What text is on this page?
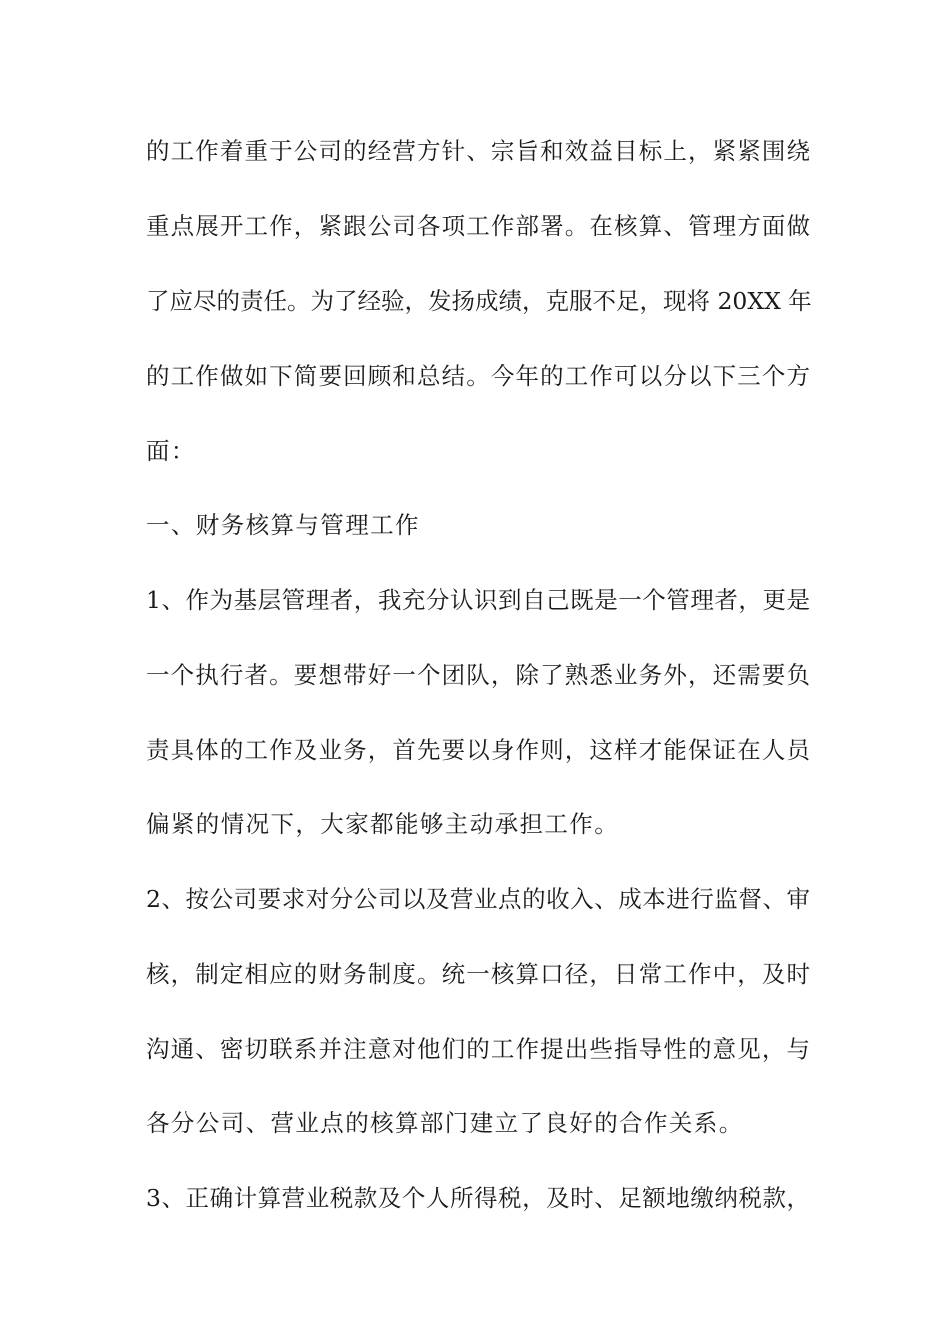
的工作着重于公司的经营方针、宗旨和效益目标上，紧紧围绕
重点展开工作，紧跟公司各项工作部署。在核算、管理方面做
了应尽的责任。为了经验，发扬成绩，克服不足，现将 20XX 年
的工作做如下简要回顾和总结。今年的工作可以分以下三个方
面：
一、财务核算与管理工作
1、作为基层管理者，我充分认识到自己既是一个管理者，更是
一个执行者。要想带好一个团队，除了熟悉业务外，还需要负
责具体的工作及业务，首先要以身作则，这样才能保证在人员
偏紧的情况下，大家都能够主动承担工作。
2、按公司要求对分公司以及营业点的收入、成本进行监督、审
核，制定相应的财务制度。统一核算口径，日常工作中，及时
沟通、密切联系并注意对他们的工作提出些指导性的意见，与
各分公司、营业点的核算部门建立了良好的合作关系。
3、正确计算营业税款及个人所得税，及时、足额地缴纳税款，
